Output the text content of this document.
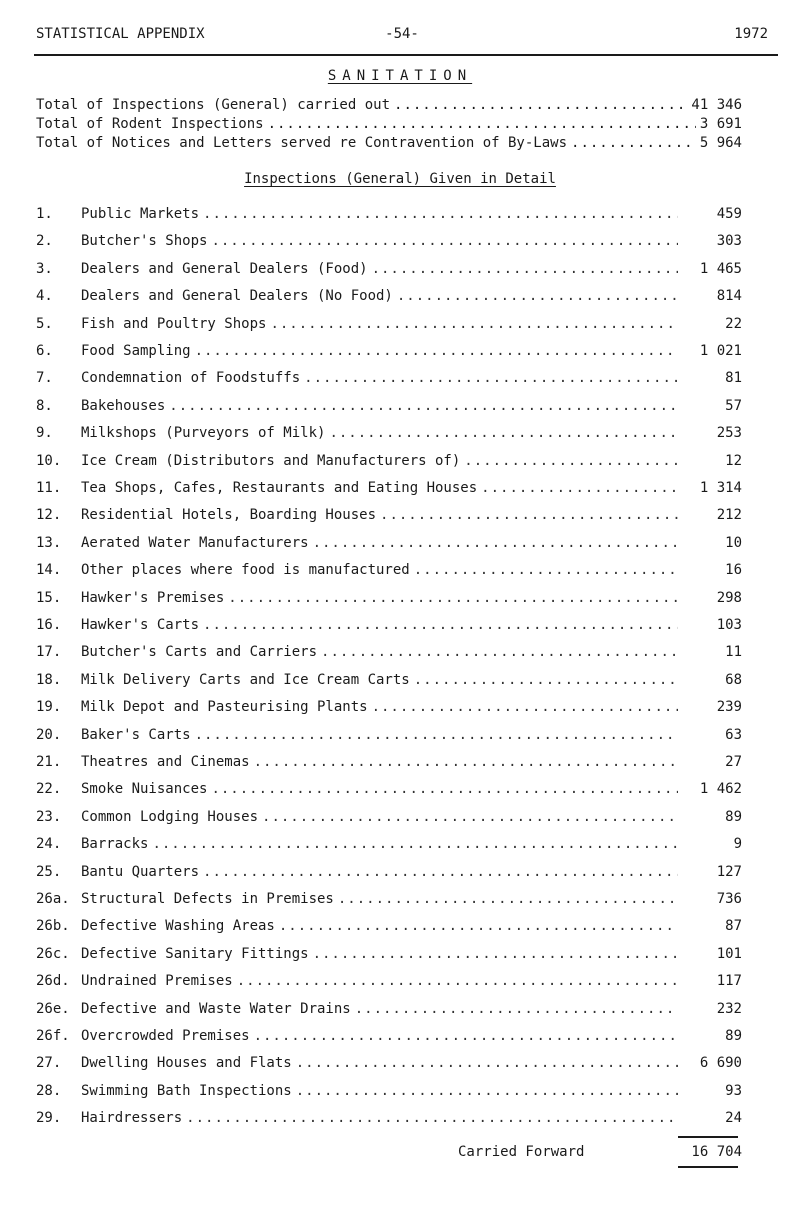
STATISTICAL APPENDIX	-54-	1972
SANITATION
Total of Inspections (General) carried out .....	41 346
Total of Rodent Inspections .....	3 691
Total of Notices and Letters served re Contravention of By-Laws .....	5 964
Inspections (General) Given in Detail
1.	Public Markets .....	459
2.	Butcher's Shops .....	303
3.	Dealers and General Dealers (Food) .....	1 465
4.	Dealers and General Dealers (No Food) .....	814
5.	Fish and Poultry Shops .....	22
6.	Food Sampling .....	1 021
7.	Condemnation of Foodstuffs .....	81
8.	Bakehouses .....	57
9.	Milkshops (Purveyors of Milk) .....	253
10.	Ice Cream (Distributors and Manufacturers of) .....	12
11.	Tea Shops, Cafes, Restaurants and Eating Houses .....	1 314
12.	Residential Hotels, Boarding Houses .....	212
13.	Aerated Water Manufacturers .....	10
14.	Other places where food is manufactured .....	16
15.	Hawker's Premises .....	298
16.	Hawker's Carts .....	103
17.	Butcher's Carts and Carriers .....	11
18.	Milk Delivery Carts and Ice Cream Carts .....	68
19.	Milk Depot and Pasteurising Plants .....	239
20.	Baker's Carts .....	63
21.	Theatres and Cinemas .....	27
22.	Smoke Nuisances .....	1 462
23.	Common Lodging Houses .....	89
24.	Barracks .....	9
25.	Bantu Quarters .....	127
26a. Structural Defects in Premises .....	736
26b. Defective Washing Areas .....	87
26c. Defective Sanitary Fittings .....	101
26d. Undrained Premises .....	117
26e. Defective and Waste Water Drains .....	232
26f. Overcrowded Premises .....	89
27.	Dwelling Houses and Flats .....	6 690
28.	Swimming Bath Inspections .....	93
29.	Hairdressers .....	24
Carried Forward	16 704
